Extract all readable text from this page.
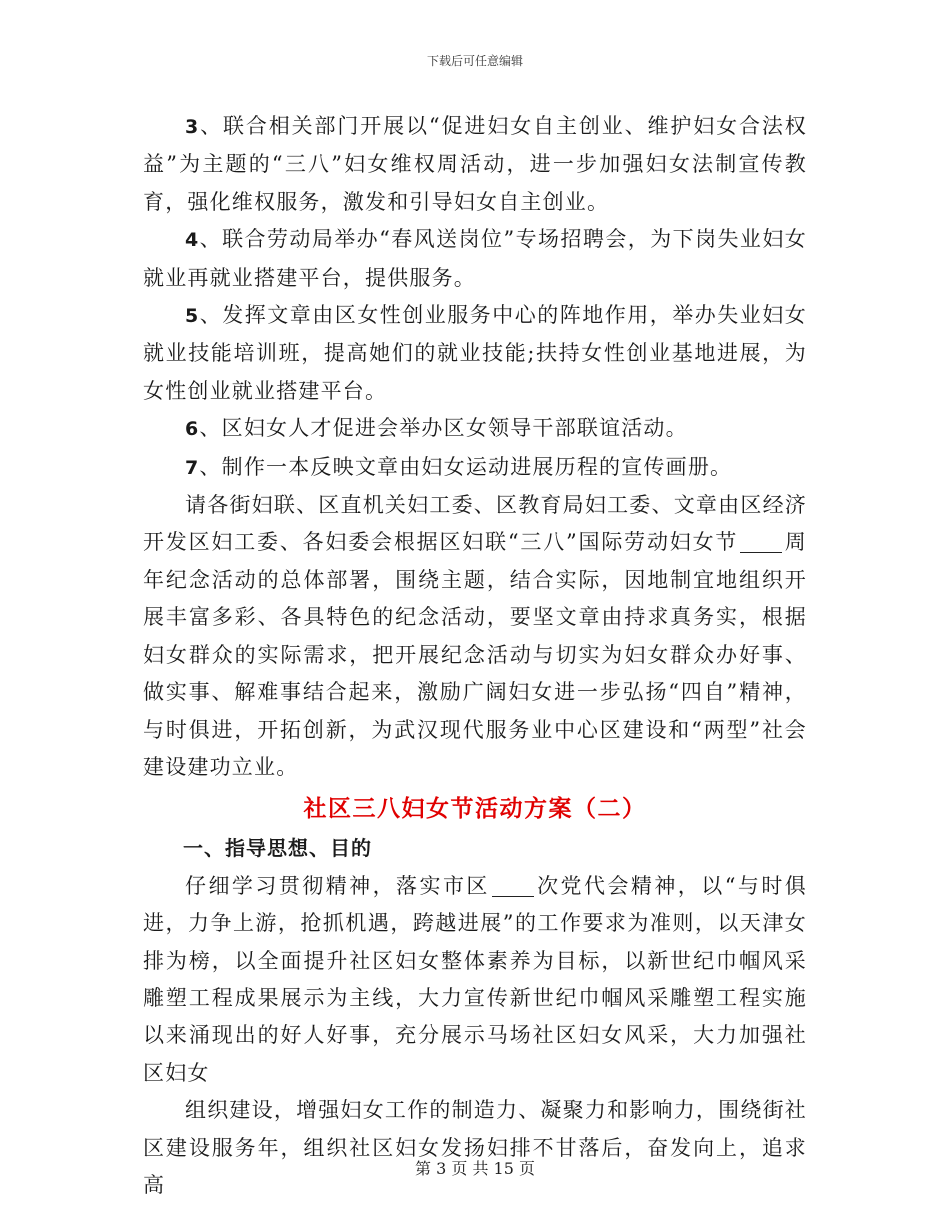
下载后可任意编辑

3、联合相关部门开展以“促进妇女自主创业、维护妇女合法权益”为主题的“三八”妇女维权周活动，进一步加强妇女法制宣传教育，强化维权服务，激发和引导妇女自主创业。

4、联合劳动局举办“春风送岗位”专场招聘会，为下岗失业妇女就业再就业搭建平台，提供服务。

5、发挥文章由区女性创业服务中心的阵地作用，举办失业妇女就业技能培训班，提高她们的就业技能;扶持女性创业基地进展，为女性创业就业搭建平台。

6、区妇女人才促进会举办区女领导干部联谊活动。

7、制作一本反映文章由妇女运动进展历程的宣传画册。

请各街妇联、区直机关妇工委、区教育局妇工委、文章由区经济开发区妇工委、各妇委会根据区妇联“三八”国际劳动妇女节 周年纪念活动的总体部署，围绕主题，结合实际，因地制宜地组织开展丰富多彩、各具特色的纪念活动，要坚文章由持求真务实，根据妇女群众的实际需求，把开展纪念活动与切实为妇女群众办好事、做实事、解难事结合起来，激励广阔妇女进一步弘扬“四自”精神，与时俱进，开拓创新，为武汉现代服务业中心区建设和“两型”社会建设建功立业。

社区三八妇女节活动方案（二）

一、指导思想、目的

仔细学习贯彻精神，落实市区 次党代会精神，以“与时俱进，力争上游，抢抓机遇，跨越进展”的工作要求为准则，以天津女排为榜，以全面提升社区妇女整体素养为目标，以新世纪巾帼风采雕塑工程成果展示为主线，大力宣传新世纪巾帼风采雕塑工程实施以来涌现出的好人好事，充分展示马场社区妇女风采，大力加强社区妇女

组织建设，增强妇女工作的制造力、凝聚力和影响力，围绕街社区建设服务年，组织社区妇女发扬妇排不甘落后，奋发向上，追求高

第 3 页 共 15 页
